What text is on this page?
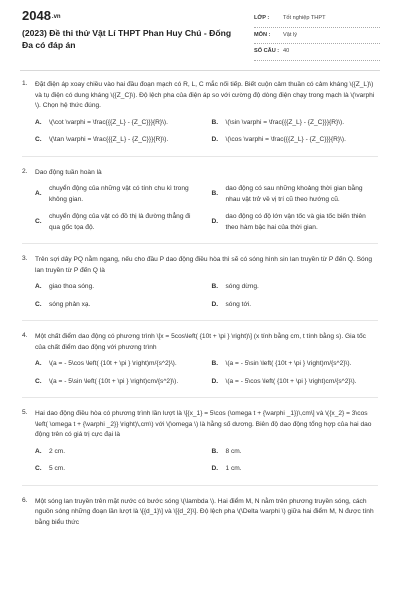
2048.vn
(2023) Đề thi thử Vật Lí THPT Phan Huy Chú - Đống Đa có đáp án
LỚP : Tốt nghiệp THPT
MÔN : Vật lý
SỐ CÂU : 40
1. Đặt điện áp xoay chiều vào hai đầu đoạn mạch có R, L, C mắc nối tiếp. Biết cuộn cảm thuần có cảm kháng \({Z_L}\) và tụ điện có dung kháng \({Z_C}\). Độ lệch pha của điện áp so với cường độ dòng điện chạy trong mạch là \(\varphi \). Chọn hệ thức đúng.
A.	\(\cot \varphi = \frac{{{Z_L} - {Z_C}}}{R}\).	B.	\(\sin \varphi = \frac{{{Z_L} - {Z_C}}}{R}\).
C.	\(\tan \varphi = \frac{{{Z_L} - {Z_C}}}{R}\).	D.	\(\cos \varphi = \frac{{{Z_L} - {Z_C}}}{R}\).
2. Dao động tuần hoàn là
A.
chuyển động của những vật có tính chu kì trong không gian.
B.
dao động có sau những khoảng thời gian bằng nhau vật trở về vị trí cũ theo hướng cũ.
C.
chuyển động của vật có đồ thị là đường thẳng đi qua gốc tọa độ.
D.
dao động có độ lớn vận tốc và gia tốc biến thiên theo hàm bậc hai của thời gian.
3. Trên sợi dây PQ nằm ngang, nếu cho đầu P dao động điều hòa thì sẽ có sóng hình sin lan truyền từ P đến Q. Sóng lan truyền từ P đến Q là
A.	giao thoa sóng.	B.	sóng dừng.
C.	sóng phản xạ.	D.	sóng tới.
4. Một chất điểm dao động có phương trình \[x = 5cos\left( {10t + \pi } \right)\] (x tính bằng cm, t tính bằng s). Gia tốc của chất điểm dao động với phương trình
A.	\(a = - 5\cos \left( {10t + \pi } \right)m/{s^2}\).	B.	\(a = - 5\sin \left( {10t + \pi } \right)m/{s^2}\).
C.	\(a = - 5\sin \left( {10t + \pi } \right)cm/{s^2}\).	D.	\(a = - 5\cos \left( {10t + \pi } \right)cm/{s^2}\).
5. Hai dao động điều hòa có phương trình lần lượt là \[{x_1} = 5\cos (\omega t + {\varphi _1})\,cm\] và \({x_2} = 3\cos \left( \omega t + {\varphi _2}} \right)\,cm\) với \(\omega \) là hằng số dương. Biên độ dao động tổng hợp của hai dao động trên có giá trị cực đại là
A.	2 cm.	B.	8 cm.
C.	5 cm.	D.	1 cm.
6. Một sóng lan truyền trên mặt nước có bước sóng \(\lambda \). Hai điểm M, N nằm trên phương truyền sóng, cách nguồn sóng những đoạn lần lượt là \[{d_1}\] và \[{d_2}\]. Độ lệch pha \(\Delta \varphi \) giữa hai điểm M, N được tính bằng biểu thức
